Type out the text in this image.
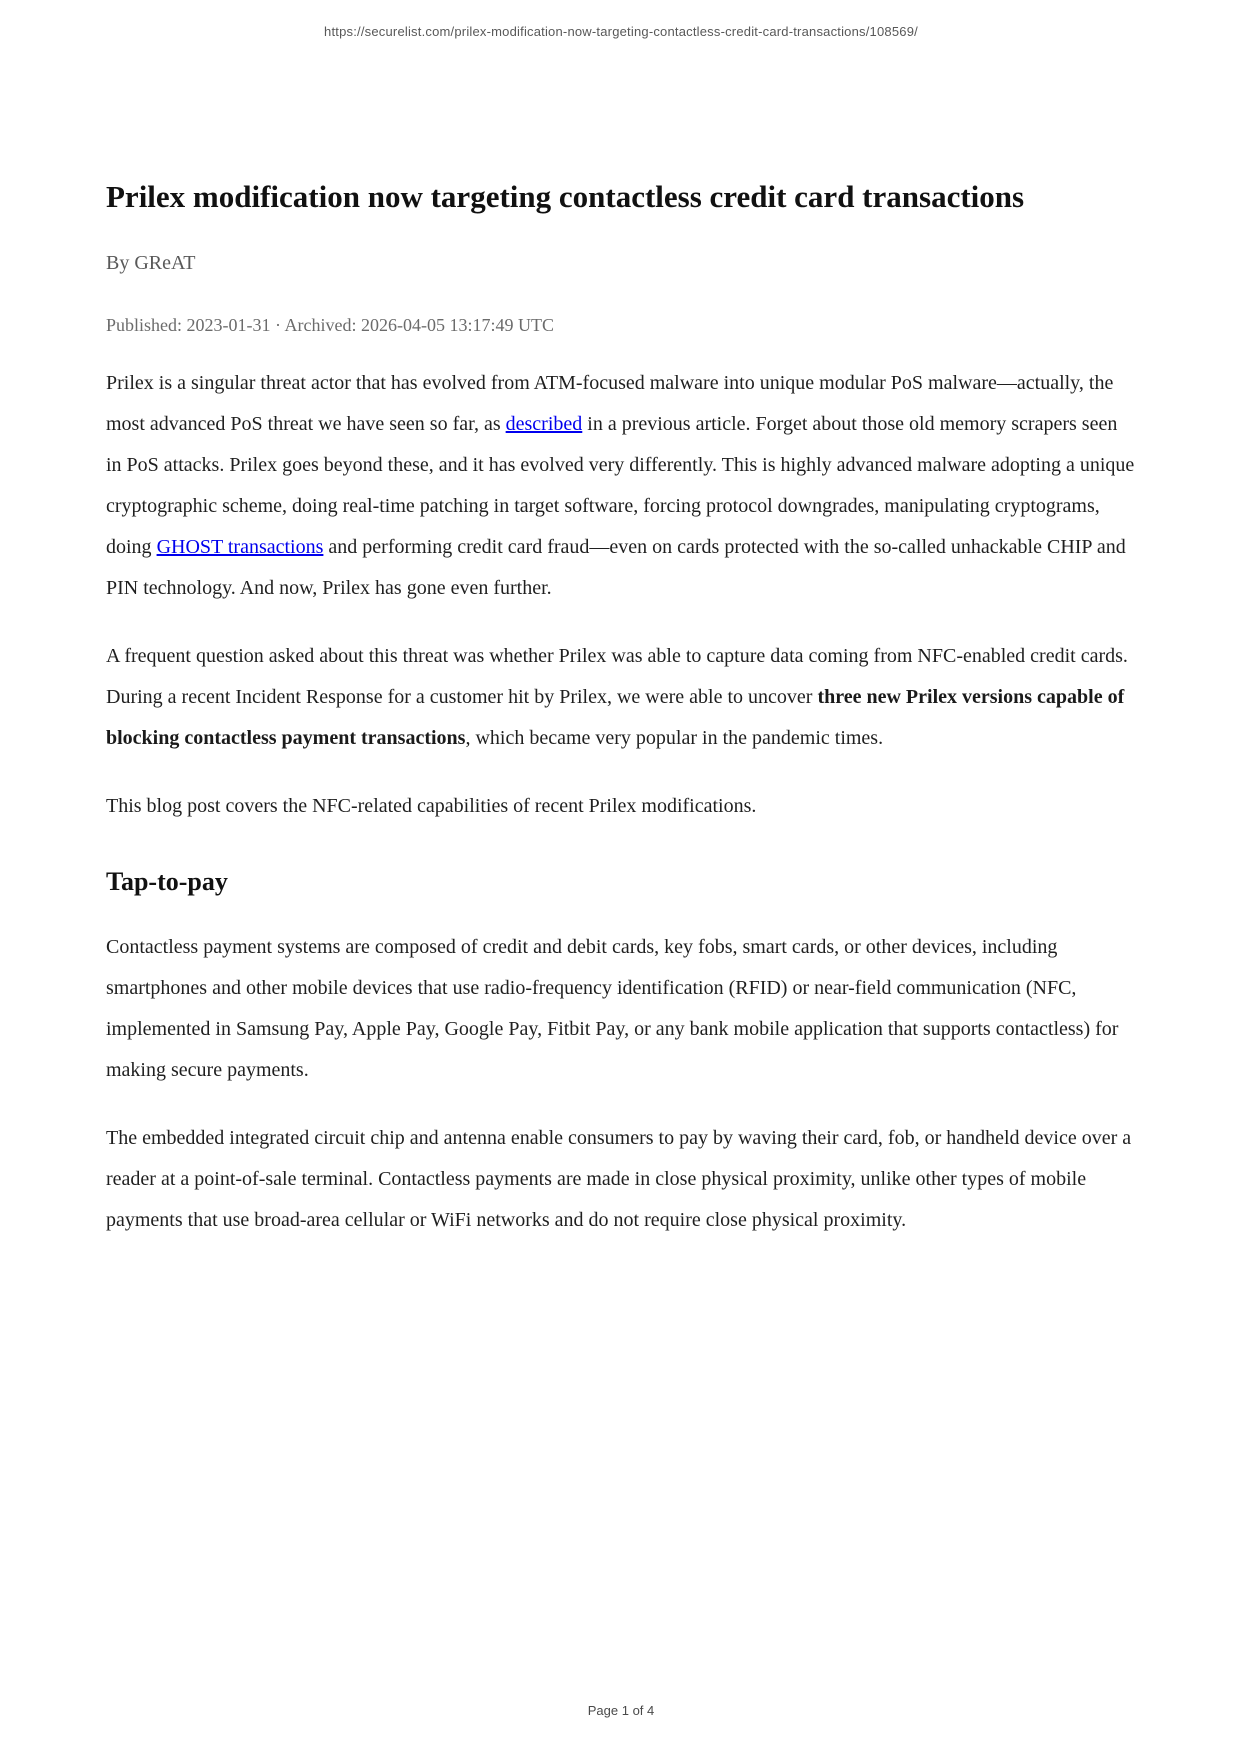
https://securelist.com/prilex-modification-now-targeting-contactless-credit-card-transactions/108569/
Prilex modification now targeting contactless credit card transactions

By GReAT

Published: 2023-01-31 · Archived: 2026-04-05 13:17:49 UTC

Prilex is a singular threat actor that has evolved from ATM-focused malware into unique modular PoS malware—actually, the most advanced PoS threat we have seen so far, as described in a previous article. Forget about those old memory scrapers seen in PoS attacks. Prilex goes beyond these, and it has evolved very differently. This is highly advanced malware adopting a unique cryptographic scheme, doing real-time patching in target software, forcing protocol downgrades, manipulating cryptograms, doing GHOST transactions and performing credit card fraud—even on cards protected with the so-called unhackable CHIP and PIN technology. And now, Prilex has gone even further.

A frequent question asked about this threat was whether Prilex was able to capture data coming from NFC-enabled credit cards. During a recent Incident Response for a customer hit by Prilex, we were able to uncover three new Prilex versions capable of blocking contactless payment transactions, which became very popular in the pandemic times.

This blog post covers the NFC-related capabilities of recent Prilex modifications.

Tap-to-pay

Contactless payment systems are composed of credit and debit cards, key fobs, smart cards, or other devices, including smartphones and other mobile devices that use radio-frequency identification (RFID) or near-field communication (NFC, implemented in Samsung Pay, Apple Pay, Google Pay, Fitbit Pay, or any bank mobile application that supports contactless) for making secure payments.

The embedded integrated circuit chip and antenna enable consumers to pay by waving their card, fob, or handheld device over a reader at a point-of-sale terminal. Contactless payments are made in close physical proximity, unlike other types of mobile payments that use broad-area cellular or WiFi networks and do not require close physical proximity.

Page 1 of 4
